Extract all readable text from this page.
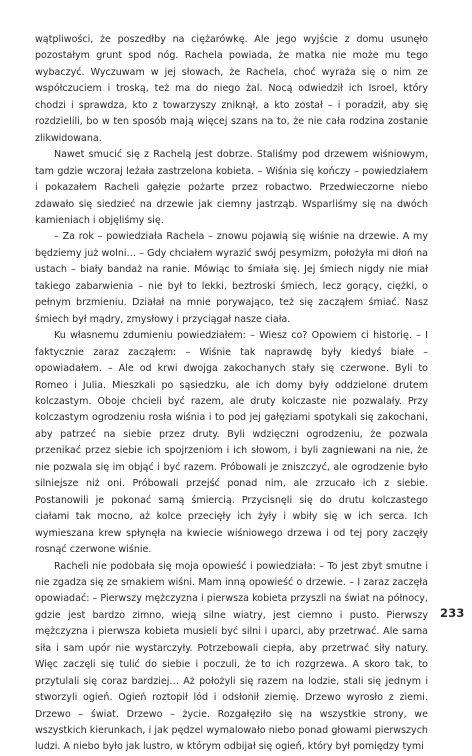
wątpliwości, że poszedłby na ciężarówkę. Ale jego wyjście z domu usunęło pozostałym grunt spod nóg. Rachela powiada, że matka nie może mu tego wybaczyć. Wyczuwam w jej słowach, że Rachela, choć wyraża się o nim ze współczuciem i troską, też ma do niego żal. Nocą odwiedził ich Isroel, który chodzi i sprawdza, kto z towarzyszy zniknął, a kto został – i poradził, aby się rozdzielili, bo w ten sposób mają więcej szans na to, że nie cała rodzina zostanie zlikwidowana.

Nawet smucić się z Rachelą jest dobrze. Staliśmy pod drzewem wiśniowym, tam gdzie wczoraj leżała zastrzelona kobieta. – Wiśnia się kończy – powiedziałem i pokazałem Racheli gałęzie pożarte przez robactwo. Przedwieczorne niebo zdawało się siedzieć na drzewie jak ciemny jastrząb. Wsparliśmy się na dwóch kamieniach i objęliśmy się.

– Za rok – powiedziała Rachela – znowu pojawią się wiśnie na drzewie. A my będziemy już wolni… – Gdy chciałem wyrazić swój pesymizm, położyła mi dłoń na ustach – biały bandaż na ranie. Mówiąc to śmiała się. Jej śmiech nigdy nie miał takiego zabarwienia – nie był to lekki, beztroski śmiech, lecz gorący, ciężki, o pełnym brzmieniu. Działał na mnie porywająco, też się zacząłem śmiać. Nasz śmiech był mądry, zmysłowy i przyciągał nasze ciała.

Ku własnemu zdumieniu powiedziałem: – Wiesz co? Opowiem ci historię. – I faktycznie zaraz zacząłem: – Wiśnie tak naprawdę były kiedyś białe – opowiadałem. – Ale od krwi dwojga zakochanych stały się czerwone. Byli to Romeo i Julia. Mieszkali po sąsiedzku, ale ich domy były oddzielone drutem kolczastym. Oboje chcieli być razem, ale druty kolczaste nie pozwalały. Przy kolczastym ogrodzeniu rosła wiśnia i to pod jej gałęziami spotykali się zakochani, aby patrzeć na siebie przez druty. Byli wdzięczni ogrodzeniu, że pozwala przenikać przez siebie ich spojrzeniom i ich słowom, i byli zagniewani na nie, że nie pozwala się im objąć i być razem. Próbowali je zniszczyć, ale ogrodzenie było silniejsze niż oni. Próbowali przejść ponad nim, ale zrzucało ich z siebie. Postanowili je pokonać samą śmiercią. Przycisnęli się do drutu kolczastego ciałami tak mocno, aż kolce przecięły ich żyły i wbiły się w ich serca. Ich wymieszana krew spłynęła na kwiecie wiśniowego drzewa i od tej pory zaczęły rosnąć czerwone wiśnie.

Racheli nie podobała się moja opowieść i powiedziała: – To jest zbyt smutne i nie zgadza się ze smakiem wiśni. Mam inną opowieść o drzewie. – I zaraz zaczęła opowiadać: – Pierwszy mężczyzna i pierwsza kobieta przyszli na świat na północy, gdzie jest bardzo zimno, wieją silne wiatry, jest ciemno i pusto. Pierwszy mężczyzna i pierwsza kobieta musieli być silni i uparci, aby przetrwać. Ale sama siła i sam upór nie wystarczyły. Potrzebowali ciepła, aby przetrwać siły natury. Więc zaczęli się tulić do siebie i poczuli, że to ich rozgrzewa. A skoro tak, to przytulali się coraz bardziej… Aż położyli się razem na lodzie, stali się jednym i stworzyli ogień. Ogień roztopił lód i odsłonił ziemię. Drzewo wyrosło z ziemi. Drzewo – świat. Drzewo – życie. Rozgałęziło się na wszystkie strony, we wszystkich kierunkach, i jak pędzel wymalowało niebo ponad głowami pierwszych ludzi. A niebo było jak lustro, w którym odbijał się ogień, który był pomiędzy tymi

233
